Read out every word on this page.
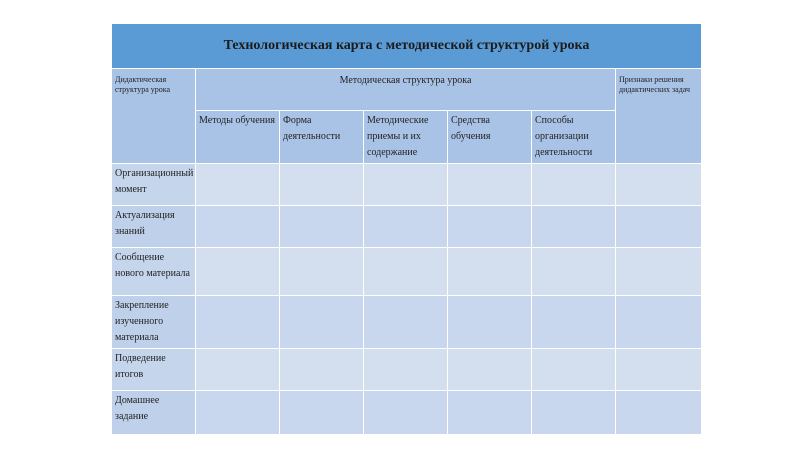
Технологическая карта с методической структурой урока						
Дидактическая структура урока	Методическая структура урока					Признаки решения дидактических задач
	Методы обучения	Форма деятельности	Методические приемы и их содержание	Средства обучения	Способы организации деятельности	
Организационный момент						
Актуализация знаний						
Сообщение нового материала						
Закрепление изученного материала						
Подведение итогов						
Домашнее задание						
